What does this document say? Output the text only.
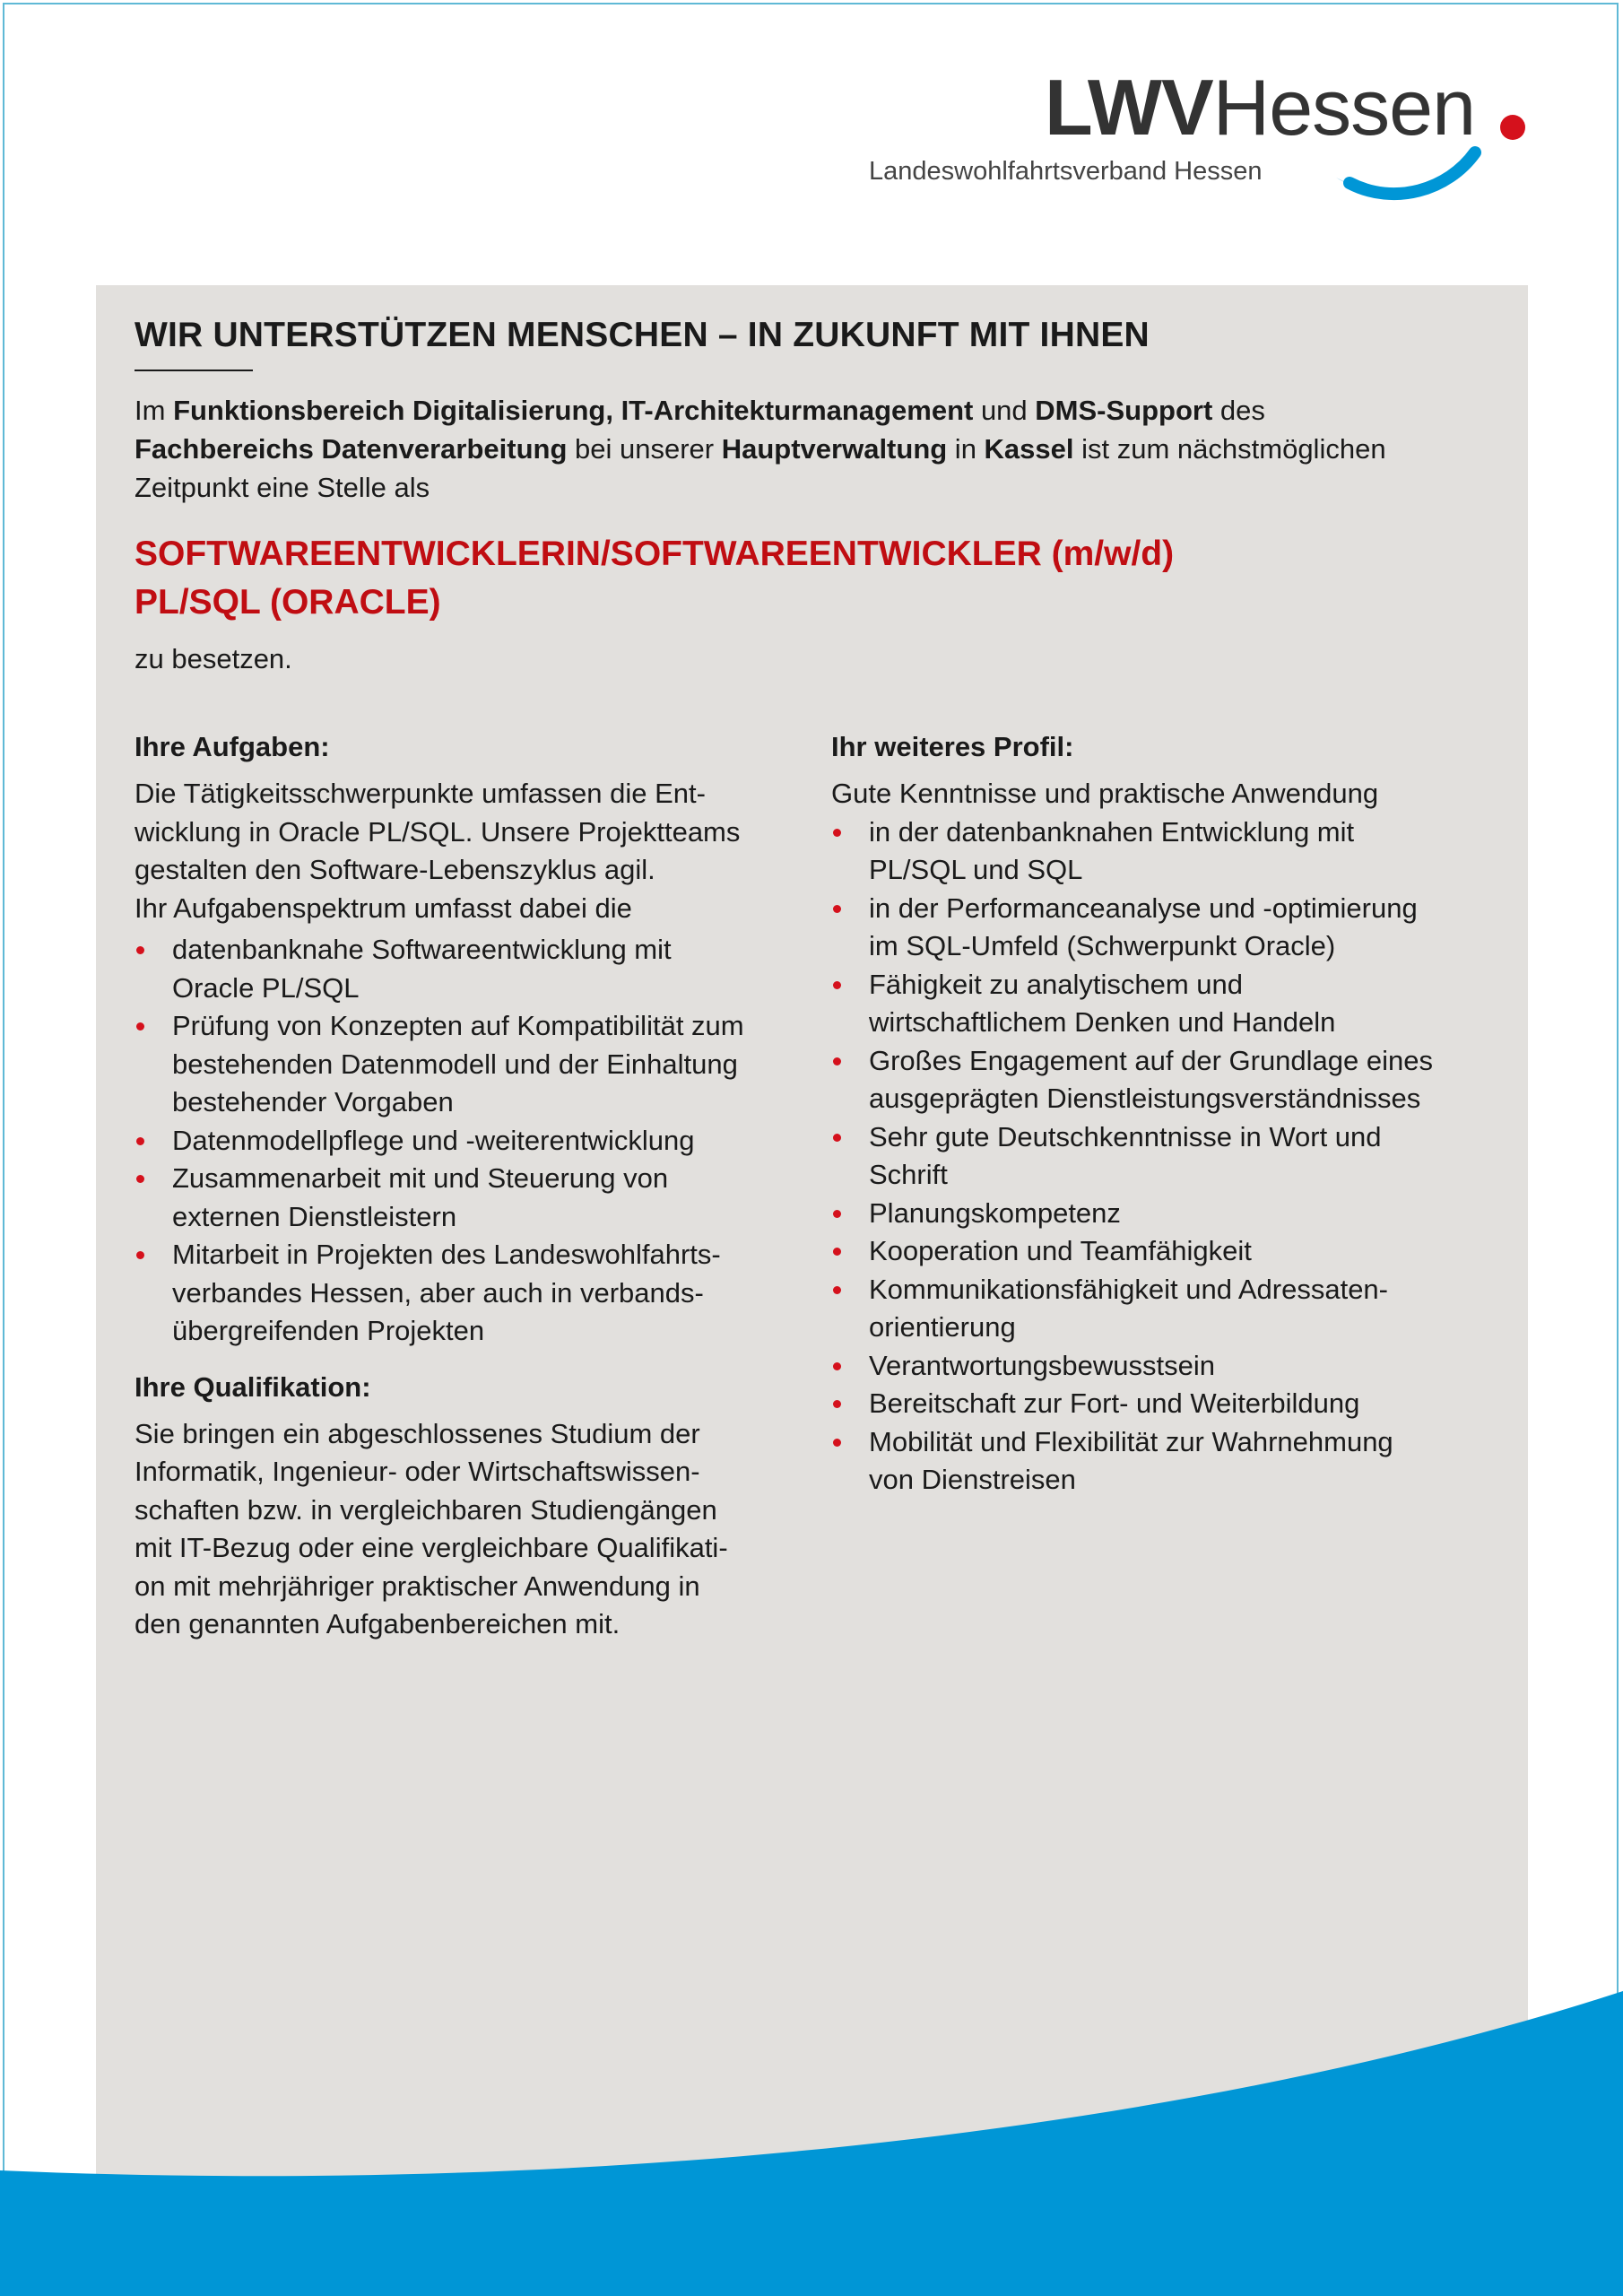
LWVHessen
Landeswohlfahrtsverband Hessen
WIR UNTERSTÜTZEN MENSCHEN – IN ZUKUNFT MIT IHNEN

Im Funktionsbereich Digitalisierung, IT-Architekturmanagement und DMS-Support des
Fachbereichs Datenverarbeitung bei unserer Hauptverwaltung in Kassel ist zum nächstmöglichen Zeitpunkt eine Stelle als

SOFTWAREENTWICKLERIN/SOFTWAREENTWICKLER (m/w/d)
PL/SQL (ORACLE)

zu besetzen.

Ihre Aufgaben:
Die Tätigkeitsschwerpunkte umfassen die Ent-
wicklung in Oracle PL/SQL. Unsere Projektteams
gestalten den Software-Lebenszyklus agil.
Ihr Aufgabenspektrum umfasst dabei die
datenbanknahe Softwareentwicklung mit
Oracle PL/SQL
Prüfung von Konzepten auf Kompatibilität zum
bestehenden Datenmodell und der Einhaltung
bestehender Vorgaben
Datenmodellpflege und -weiterentwicklung
Zusammenarbeit mit und Steuerung von
externen Dienstleistern
Mitarbeit in Projekten des Landeswohlfahrts-
verbandes Hessen, aber auch in verbands-
übergreifenden Projekten
Ihre Qualifikation:
Sie bringen ein abgeschlossenes Studium der
Informatik, Ingenieur- oder Wirtschaftswissen-
schaften bzw. in vergleichbaren Studiengängen
mit IT-Bezug oder eine vergleichbare Qualifikati-
on mit mehrjähriger praktischer Anwendung in
den genannten Aufgabenbereichen mit.
Ihr weiteres Profil:
Gute Kenntnisse und praktische Anwendung
in der datenbanknahen Entwicklung mit
PL/SQL und SQL
in der Performanceanalyse und -optimierung
im SQL-Umfeld (Schwerpunkt Oracle)
Fähigkeit zu analytischem und
wirtschaftlichem Denken und Handeln
Großes Engagement auf der Grundlage eines
ausgeprägten Dienstleistungsverständnisses
Sehr gute Deutschkenntnisse in Wort und
Schrift
Planungskompetenz
Kooperation und Teamfähigkeit
Kommunikationsfähigkeit und Adressaten-
orientierung
Verantwortungsbewusstsein
Bereitschaft zur Fort- und Weiterbildung
Mobilität und Flexibilität zur Wahrnehmung
von Dienstreisen
